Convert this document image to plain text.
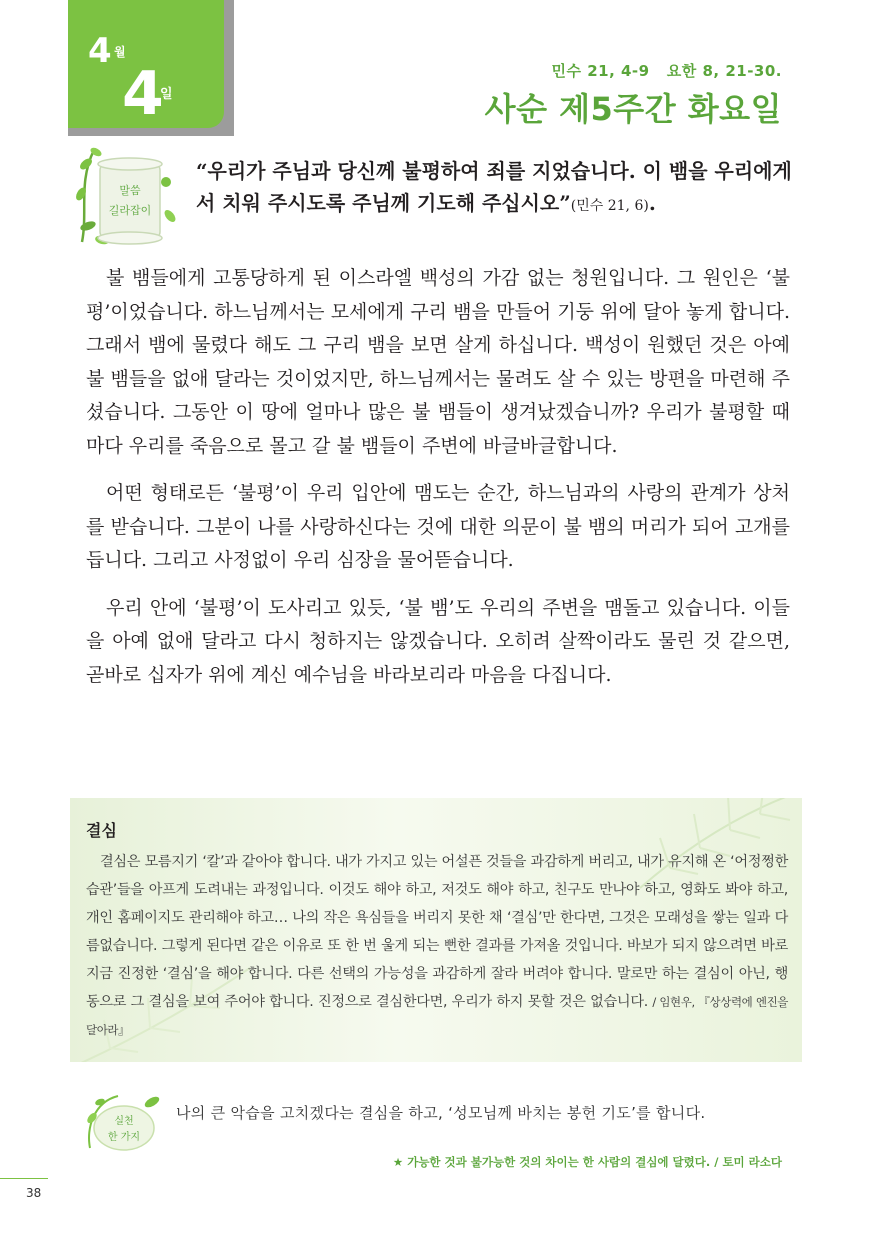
4 월
4
일
민수 21, 4-9   요한 8, 21-30.
사순 제5주간 화요일
말씀
길라잡이
“우리가 주님과 당신께 불평하여 죄를 지었습니다. 이 뱀을 우리에게서 치워 주시도록 주님께 기도해 주십시오”(민수 21, 6).

불 뱀들에게 고통당하게 된 이스라엘 백성의 가감 없는 청원입니다. 그 원인은 ‘불평’이었습니다. 하느님께서는 모세에게 구리 뱀을 만들어 기둥 위에 달아 놓게 합니다. 그래서 뱀에 물렸다 해도 그 구리 뱀을 보면 살게 하십니다. 백성이 원했던 것은 아예 불 뱀들을 없애 달라는 것이었지만, 하느님께서는 물려도 살 수 있는 방편을 마련해 주셨습니다. 그동안 이 땅에 얼마나 많은 불 뱀들이 생겨났겠습니까? 우리가 불평할 때마다 우리를 죽음으로 몰고 갈 불 뱀들이 주변에 바글바글합니다.

어떤 형태로든 ‘불평’이 우리 입안에 맴도는 순간, 하느님과의 사랑의 관계가 상처를 받습니다. 그분이 나를 사랑하신다는 것에 대한 의문이 불 뱀의 머리가 되어 고개를 듭니다. 그리고 사정없이 우리 심장을 물어뜯습니다.

우리 안에 ‘불평’이 도사리고 있듯, ‘불 뱀’도 우리의 주변을 맴돌고 있습니다. 이들을 아예 없애 달라고 다시 청하지는 않겠습니다. 오히려 살짝이라도 물린 것 같으면, 곧바로 십자가 위에 계신 예수님을 바라보리라 마음을 다집니다.

결심

결심은 모름지기 ‘칼’과 같아야 합니다. 내가 가지고 있는 어설픈 것들을 과감하게 버리고, 내가 유지해 온 ‘어정쩡한 습관’들을 아프게 도려내는 과정입니다. 이것도 해야 하고, 저것도 해야 하고, 친구도 만나야 하고, 영화도 봐야 하고, 개인 홈페이지도 관리해야 하고… 나의 작은 욕심들을 버리지 못한 채 ‘결심’만 한다면, 그것은 모래성을 쌓는 일과 다름없습니다. 그렇게 된다면 같은 이유로 또 한 번 울게 되는 뻔한 결과를 가져올 것입니다. 바보가 되지 않으려면 바로 지금 진정한 ‘결심’을 해야 합니다. 다른 선택의 가능성을 과감하게 잘라 버려야 합니다. 말로만 하는 결심이 아닌, 행동으로 그 결심을 보여 주어야 합니다. 진정으로 결심한다면, 우리가 하지 못할 것은 없습니다. / 임현우, 『상상력에 엔진을 달아라』

실천
한 가지
나의 큰 악습을 고치겠다는 결심을 하고, ‘성모님께 바치는 봉헌 기도’를 합니다.
★ 가능한 것과 불가능한 것의 차이는 한 사람의 결심에 달렸다. / 토미 라소다
38
